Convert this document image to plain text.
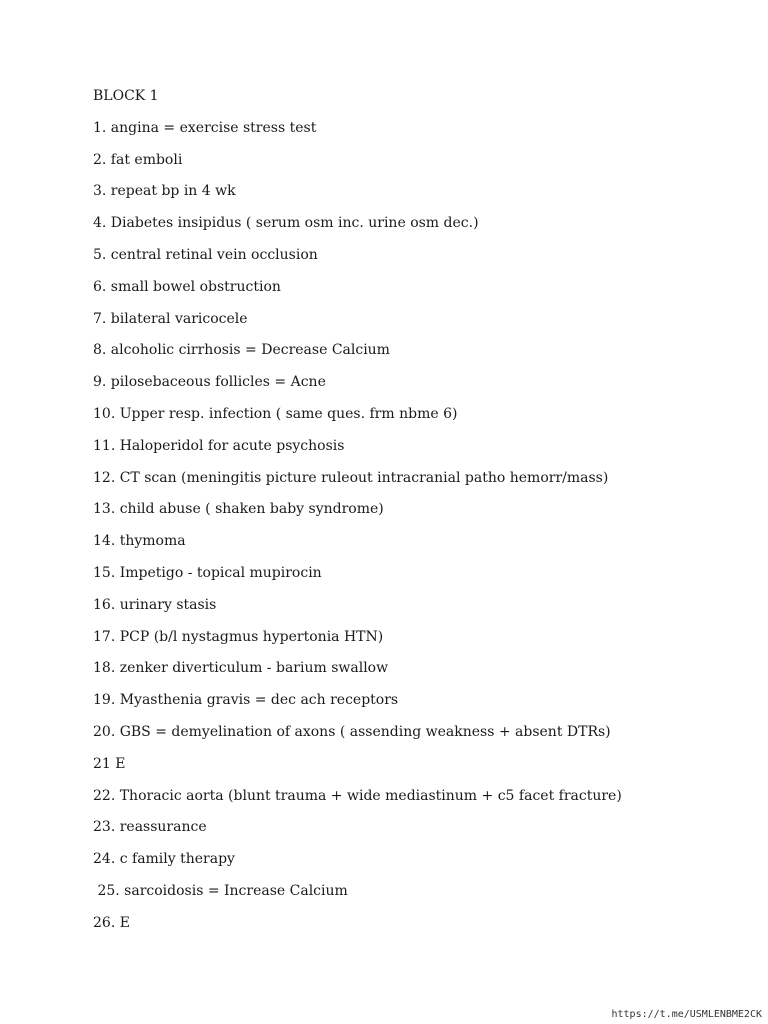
BLOCK 1
1. angina = exercise stress test
2. fat emboli
3. repeat bp in 4 wk
4. Diabetes insipidus ( serum osm inc. urine osm dec.)
5. central retinal vein occlusion
6. small bowel obstruction
7. bilateral varicocele
8. alcoholic cirrhosis = Decrease Calcium
9. pilosebaceous follicles = Acne
10. Upper resp. infection ( same ques. frm nbme 6)
11. Haloperidol for acute psychosis
12. CT scan (meningitis picture ruleout intracranial patho hemorr/mass)
13. child abuse ( shaken baby syndrome)
14. thymoma
15. Impetigo - topical mupirocin
16. urinary stasis
17. PCP (b/l nystagmus hypertonia HTN)
18. zenker diverticulum - barium swallow
19. Myasthenia gravis = dec ach receptors
20. GBS = demyelination of axons ( assending weakness + absent DTRs)
21 E
22. Thoracic aorta (blunt trauma + wide mediastinum + c5 facet fracture)
23. reassurance
24. c family therapy
25. sarcoidosis = Increase Calcium
26. E
https://t.me/USMLENBME2CK
